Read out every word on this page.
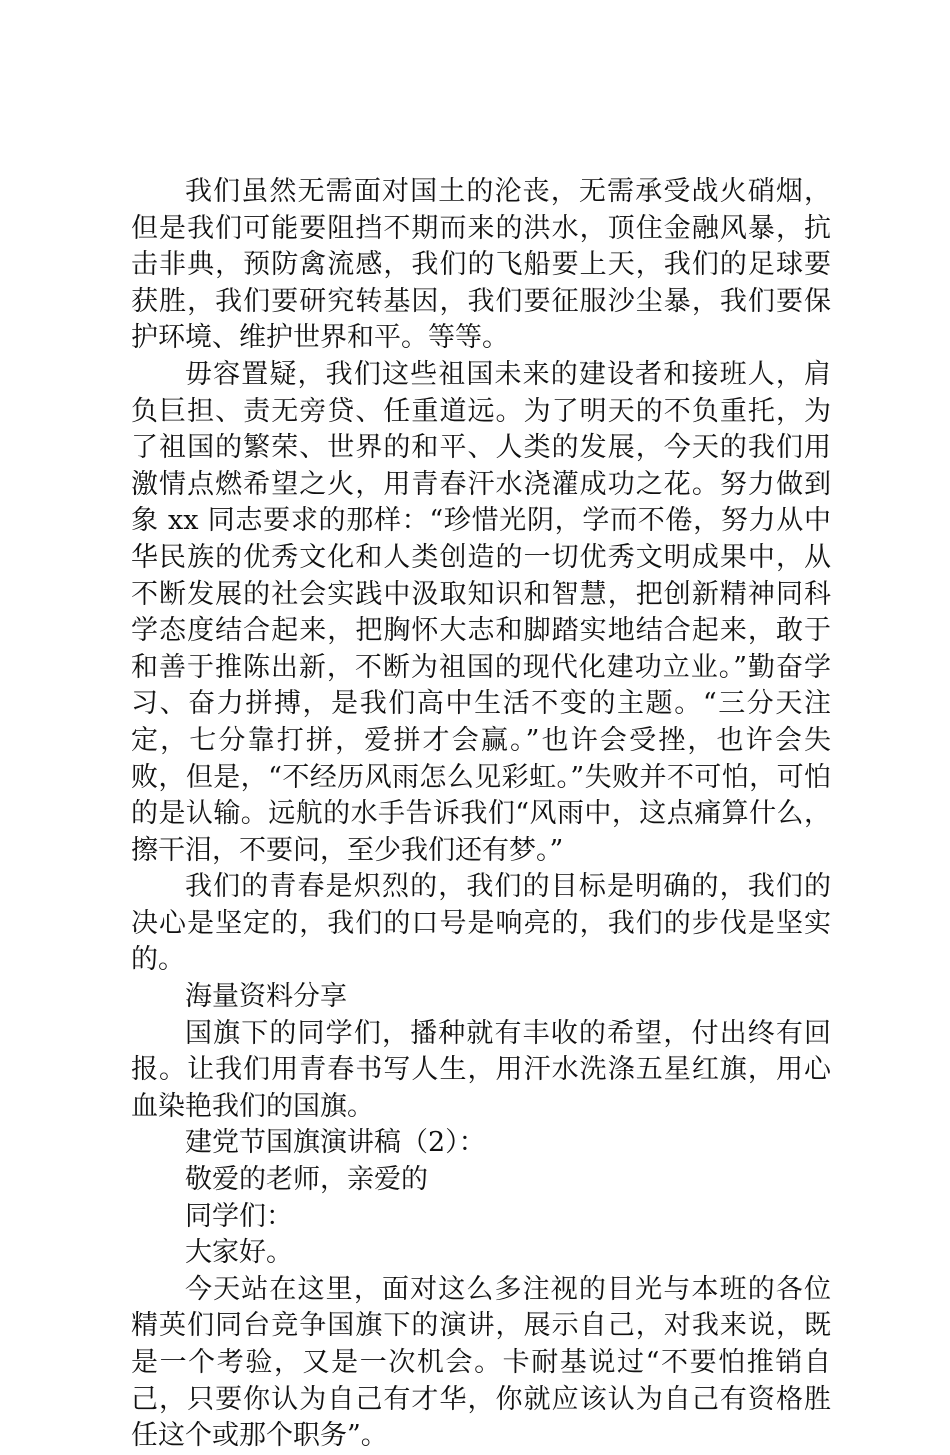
我们虽然无需面对国土的沦丧，无需承受战火硝烟，但是我们可能要阻挡不期而来的洪水，顶住金融风暴，抗击非典，预防禽流感，我们的飞船要上天，我们的足球要获胜，我们要研究转基因，我们要征服沙尘暴，我们要保护环境、维护世界和平。等等。

毋容置疑，我们这些祖国未来的建设者和接班人，肩负巨担、责无旁贷、任重道远。为了明天的不负重托，为了祖国的繁荣、世界的和平、人类的发展，今天的我们用激情点燃希望之火，用青春汗水浇灌成功之花。努力做到象 xx 同志要求的那样：“珍惜光阴，学而不倦，努力从中华民族的优秀文化和人类创造的一切优秀文明成果中，从不断发展的社会实践中汲取知识和智慧，把创新精神同科学态度结合起来，把胸怀大志和脚踏实地结合起来，敢于和善于推陈出新，不断为祖国的现代化建功立业。”勤奋学习、奋力拼搏，是我们高中生活不变的主题。“三分天注定，七分靠打拼，爱拼才会赢。”也许会受挫，也许会失败，但是，“不经历风雨怎么见彩虹。”失败并不可怕，可怕的是认输。远航的水手告诉我们“风雨中，这点痛算什么，擦干泪，不要问，至少我们还有梦。”

我们的青春是炽烈的，我们的目标是明确的，我们的决心是坚定的，我们的口号是响亮的，我们的步伐是坚实的。

海量资料分享

国旗下的同学们，播种就有丰收的希望，付出终有回报。让我们用青春书写人生，用汗水洗涤五星红旗，用心血染艳我们的国旗。

建党节国旗演讲稿（2）：

敬爱的老师，亲爱的

同学们：

大家好。

今天站在这里，面对这么多注视的目光与本班的各位精英们同台竞争国旗下的演讲，展示自己，对我来说，既是一个考验，又是一次机会。卡耐基说过“不要怕推销自己，只要你认为自己有才华，你就应该认为自己有资格胜任这个或那个职务”。
